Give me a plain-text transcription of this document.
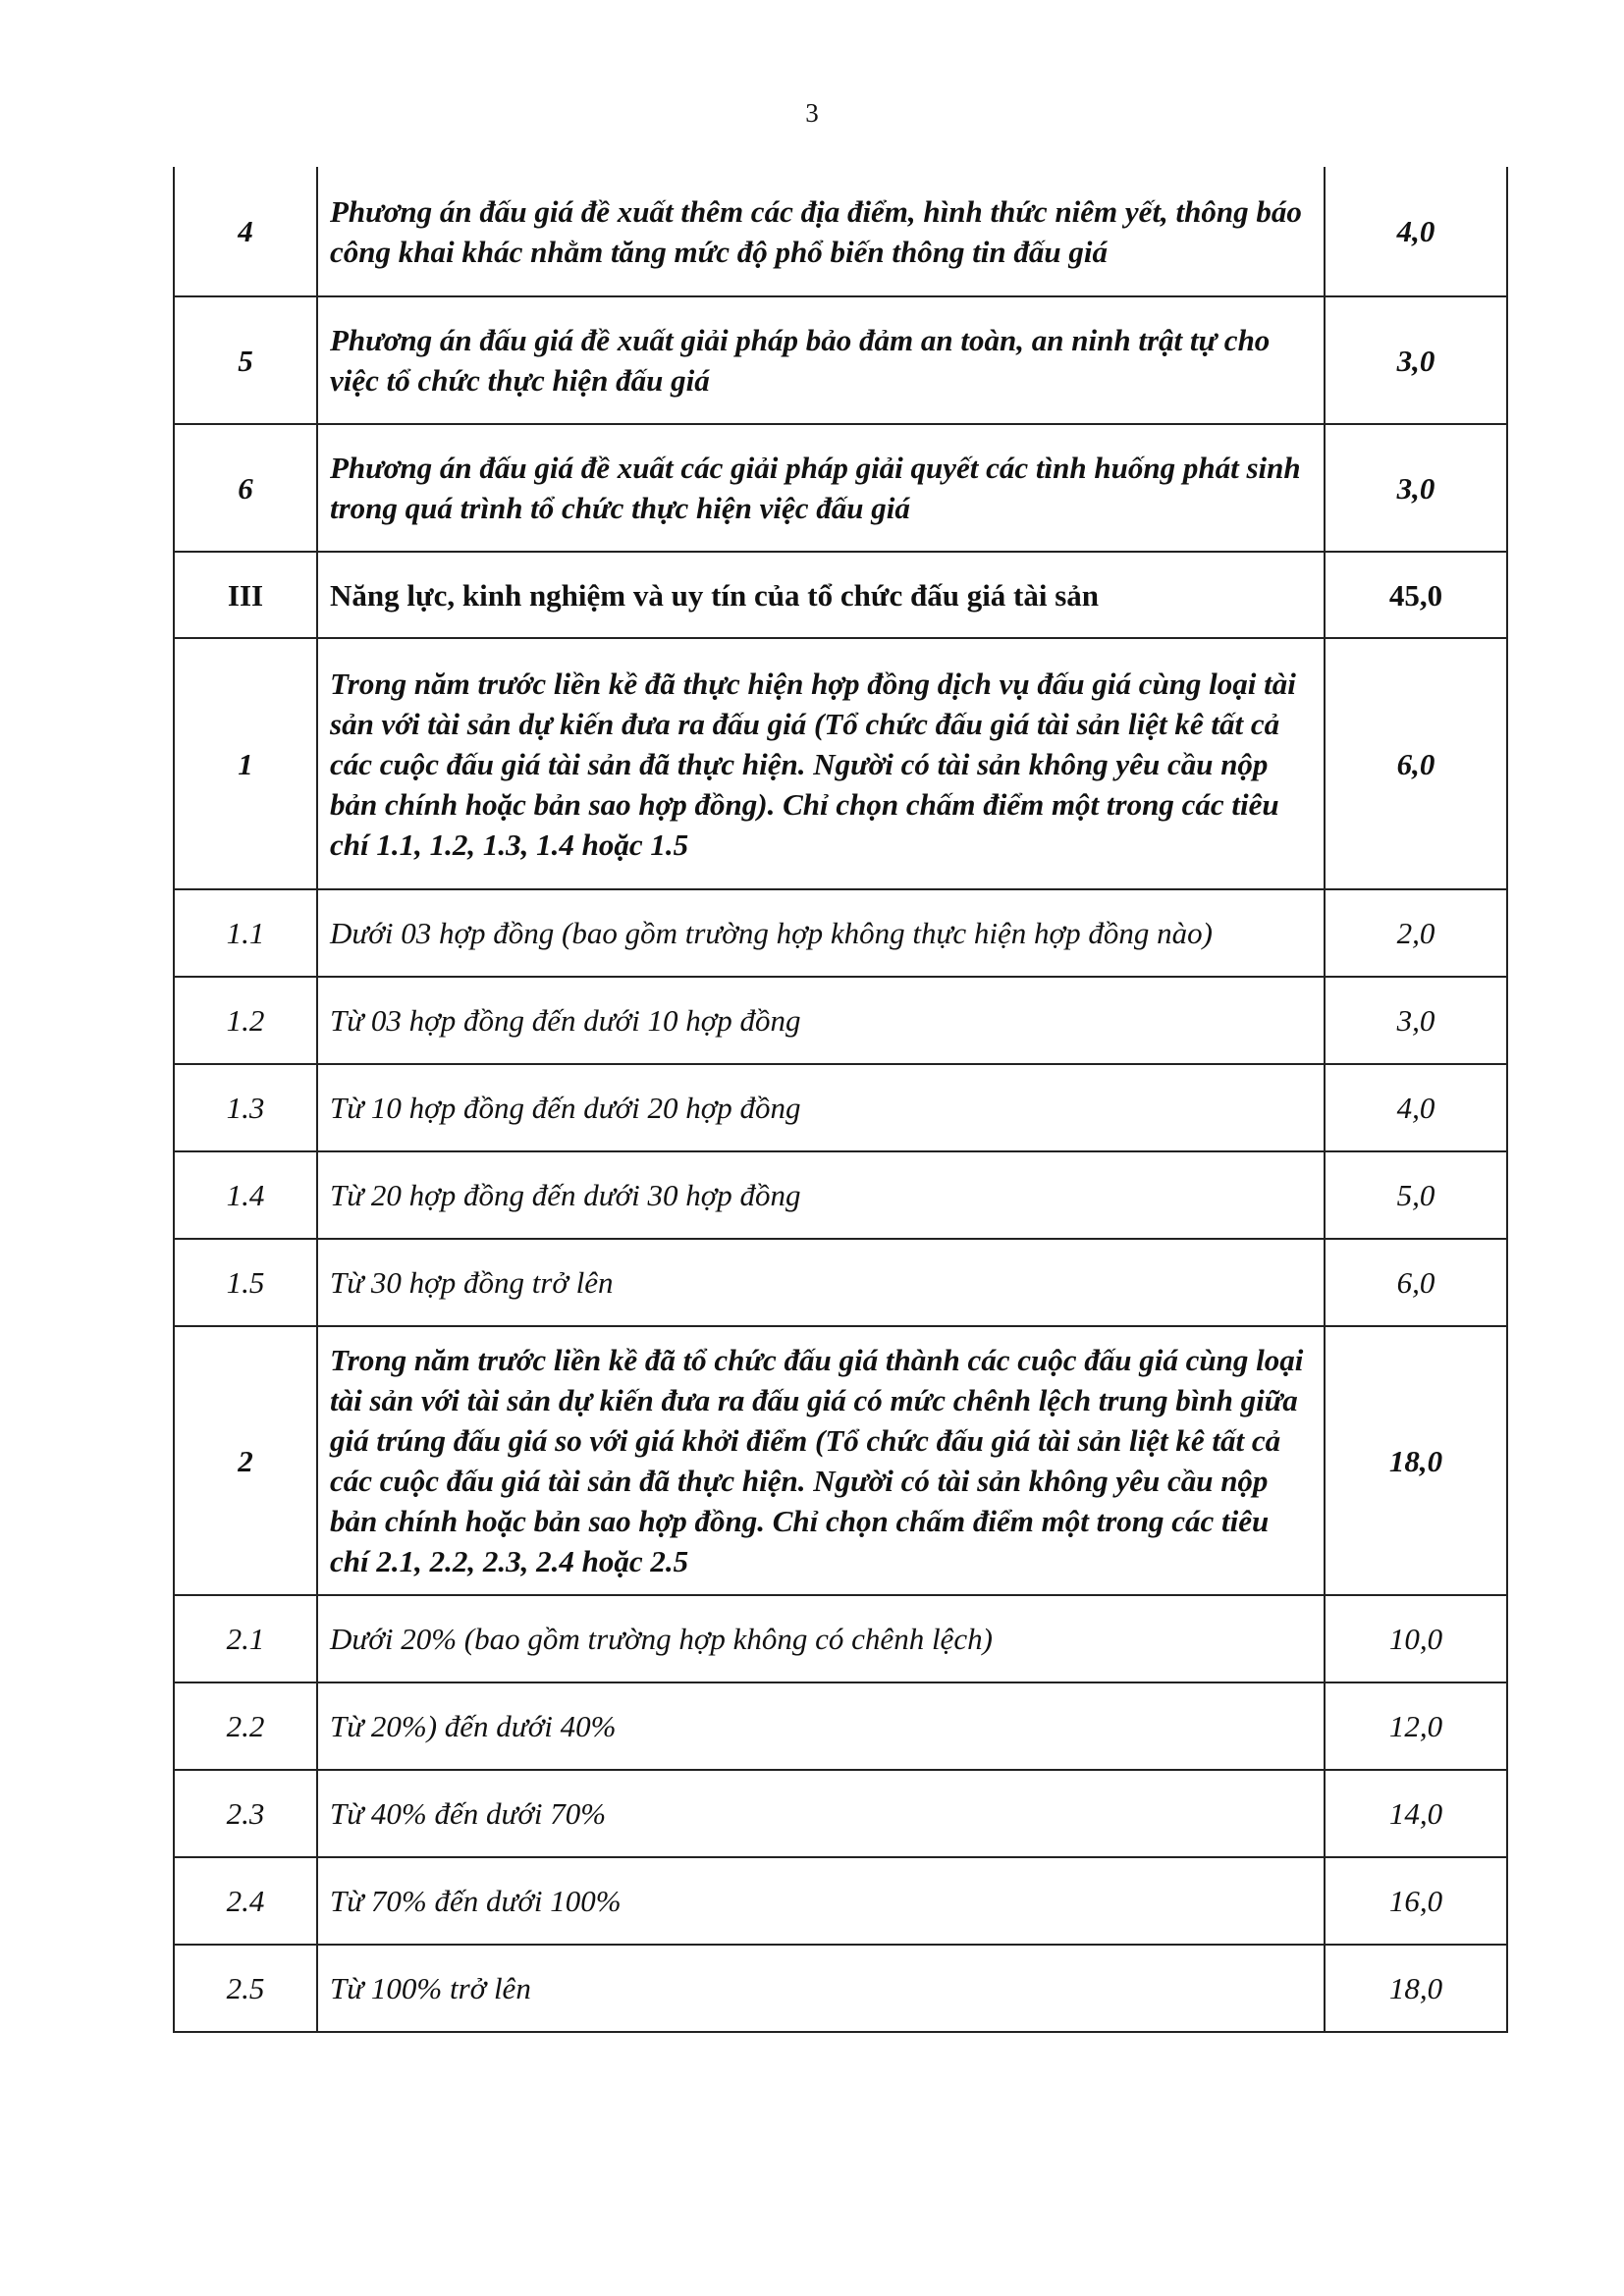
3
4	Phương án đấu giá đề xuất thêm các địa điểm, hình thức niêm yết, thông báo công khai khác nhằm tăng mức độ phổ biến thông tin đấu giá	4,0
5	Phương án đấu giá đề xuất giải pháp bảo đảm an toàn, an ninh trật tự cho việc tổ chức thực hiện đấu giá	3,0
6	Phương án đấu giá đề xuất các giải pháp giải quyết các tình huống phát sinh trong quá trình tổ chức thực hiện việc đấu giá	3,0
III	Năng lực, kinh nghiệm và uy tín của tổ chức đấu giá tài sản	45,0
1	Trong năm trước liền kề đã thực hiện hợp đồng dịch vụ đấu giá cùng loại tài sản với tài sản dự kiến đưa ra đấu giá (Tổ chức đấu giá tài sản liệt kê tất cả các cuộc đấu giá tài sản đã thực hiện. Người có tài sản không yêu cầu nộp bản chính hoặc bản sao hợp đồng). Chỉ chọn chấm điểm một trong các tiêu chí 1.1, 1.2, 1.3, 1.4 hoặc 1.5	6,0
1.1	Dưới 03 hợp đồng (bao gồm trường hợp không thực hiện hợp đồng nào)	2,0
1.2	Từ 03 hợp đồng đến dưới 10 hợp đồng	3,0
1.3	Từ 10 hợp đồng đến dưới 20 hợp đồng	4,0
1.4	Từ 20 hợp đồng đến dưới 30 hợp đồng	5,0
1.5	Từ 30 hợp đồng trở lên	6,0
2	Trong năm trước liền kề đã tổ chức đấu giá thành các cuộc đấu giá cùng loại tài sản với tài sản dự kiến đưa ra đấu giá có mức chênh lệch trung bình giữa giá trúng đấu giá so với giá khởi điểm (Tổ chức đấu giá tài sản liệt kê tất cả các cuộc đấu giá tài sản đã thực hiện. Người có tài sản không yêu cầu nộp bản chính hoặc bản sao hợp đồng. Chỉ chọn chấm điểm một trong các tiêu chí 2.1, 2.2, 2.3, 2.4 hoặc 2.5	18,0
2.1	Dưới 20% (bao gồm trường hợp không có chênh lệch)	10,0
2.2	Từ 20%) đến dưới 40%	12,0
2.3	Từ 40% đến dưới 70%	14,0
2.4	Từ 70% đến dưới 100%	16,0
2.5	Từ 100% trở lên	18,0
